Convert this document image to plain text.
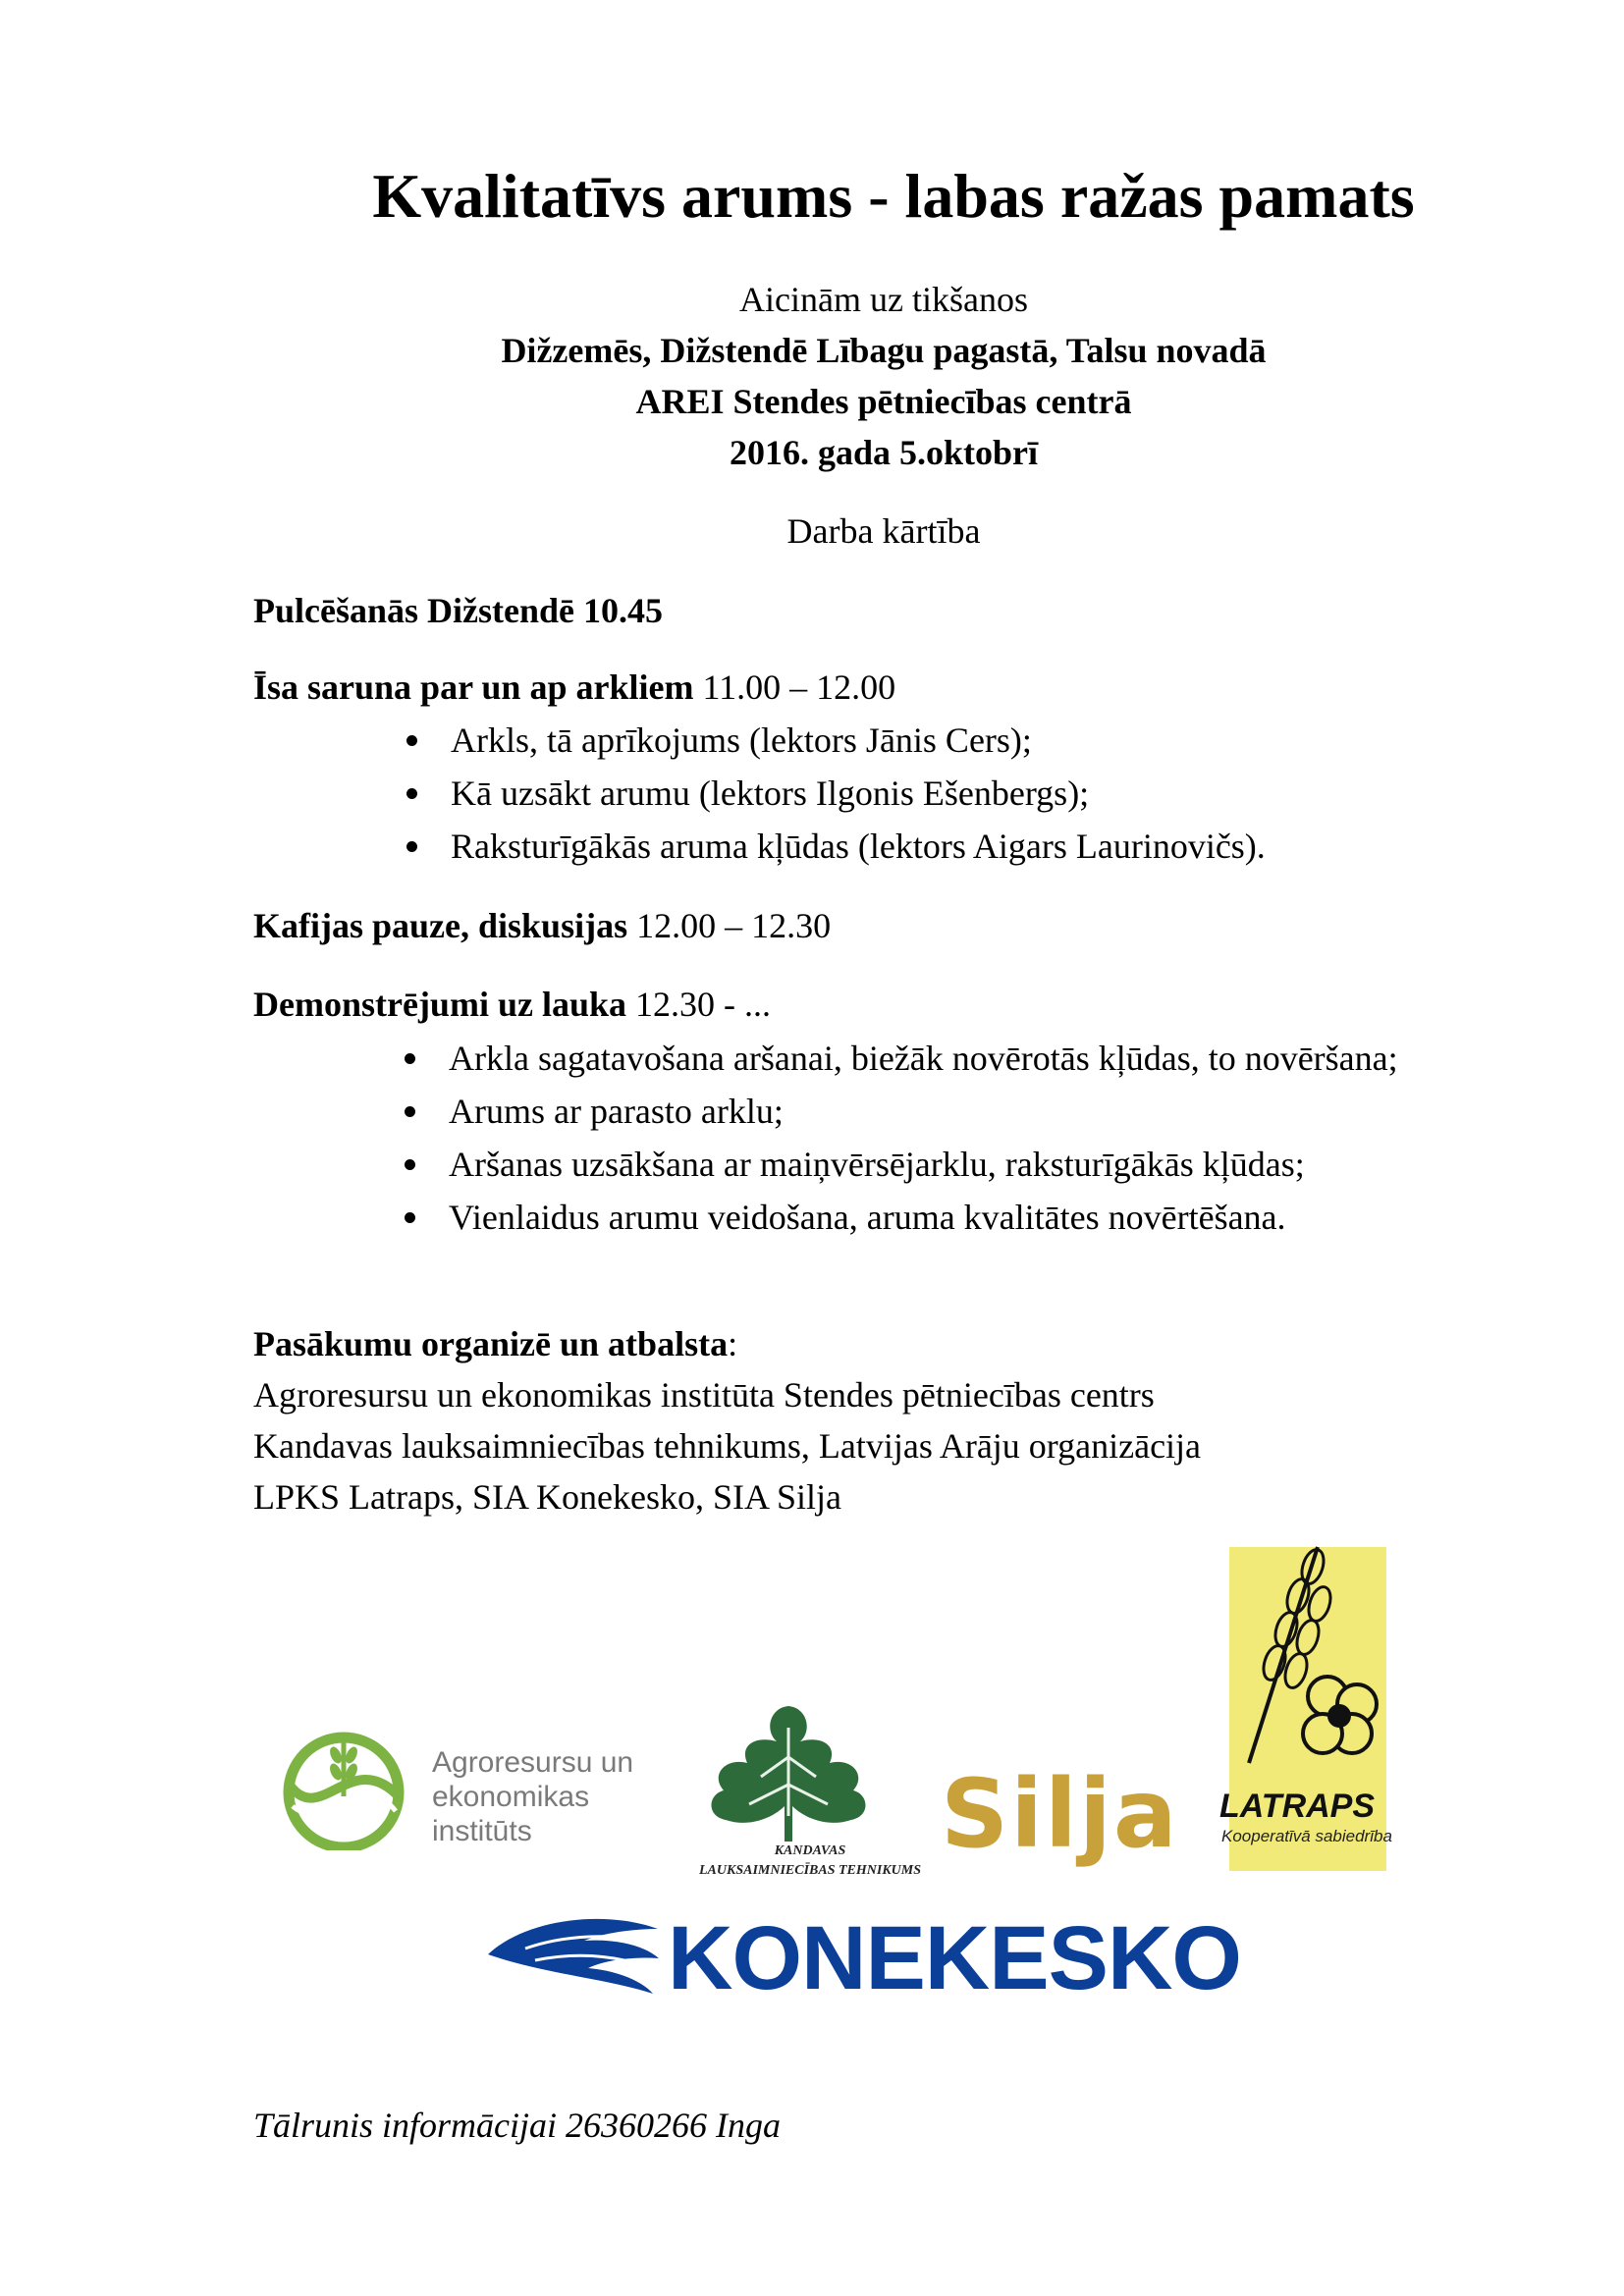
Kvalitatīvs arums - labas ražas pamats
Aicinām uz tikšanos
Dižzemēs, Dižstendē Lībagu pagastā, Talsu novadā
AREI Stendes pētniecības centrā
2016. gada 5.oktobrī
Darba kārtība
Pulcēšanās Dižstendē 10.45
Īsa saruna par un ap arkliem 11.00 – 12.00
Arkls, tā aprīkojums (lektors Jānis Cers);
Kā uzsākt arumu (lektors Ilgonis Ešenbergs);
Raksturīgākās aruma kļūdas (lektors Aigars Laurinovičs).
Kafijas pauze, diskusijas 12.00 – 12.30
Demonstrējumi uz lauka 12.30 - ...
Arkla sagatavošana aršanai, biežāk novērotās kļūdas, to novēršana;
Arums ar parasto arklu;
Aršanas uzsākšana ar maiņvērsējarklu, raksturīgākās kļūdas;
Vienlaidus arumu veidošana, aruma kvalitātes novērtēšana.
Pasākumu organizē un atbalsta:
Agroresursu un ekonomikas institūta Stendes pētniecības centrs
Kandavas lauksaimniecības tehnikums, Latvijas Arāju organizācija
LPKS Latraps, SIA Konekesko, SIA Silja
Agroresursu un
ekonomikas
institūts
KANDAVAS
LAUKSAIMNIECĪBAS TEHNIKUMS
Silja LATRAPS
Kooperatīvā sabiedrība
KONEKESKO
Tālrunis informācijai 26360266 Inga
